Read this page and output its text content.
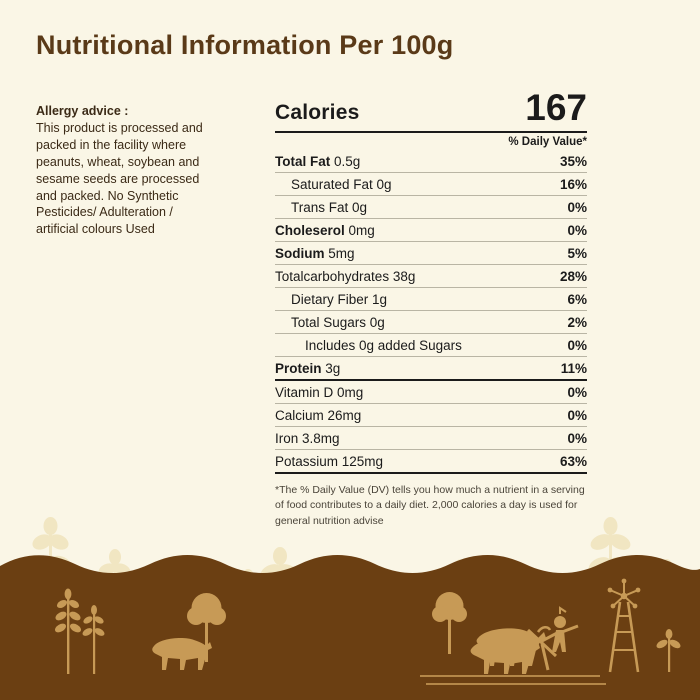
Nutritional Information Per 100g
Allergy advice :
This product is processed and packed in the facility where peanuts, wheat, soybean and sesame seeds are processed and packed. No Synthetic Pesticides/ Adulteration / artificial colours Used
Calories	167
% Daily Value*
Total Fat 0.5g	35%
Saturated Fat 0g	16%
Trans Fat 0g	0%
Choleserol 0mg	0%
Sodium 5mg	5%
Totalcarbohydrates 38g	28%
Dietary Fiber 1g	6%
Total Sugars 0g	2%
Includes 0g added Sugars	0%
Protein 3g	11%
Vitamin D 0mg	0%
Calcium 26mg	0%
Iron 3.8mg	0%
Potassium 125mg	63%
*The % Daily Value (DV) tells you how much a nutrient in a serving of food contributes to a daily diet. 2,000 calories a day is used for general nutrition advise
